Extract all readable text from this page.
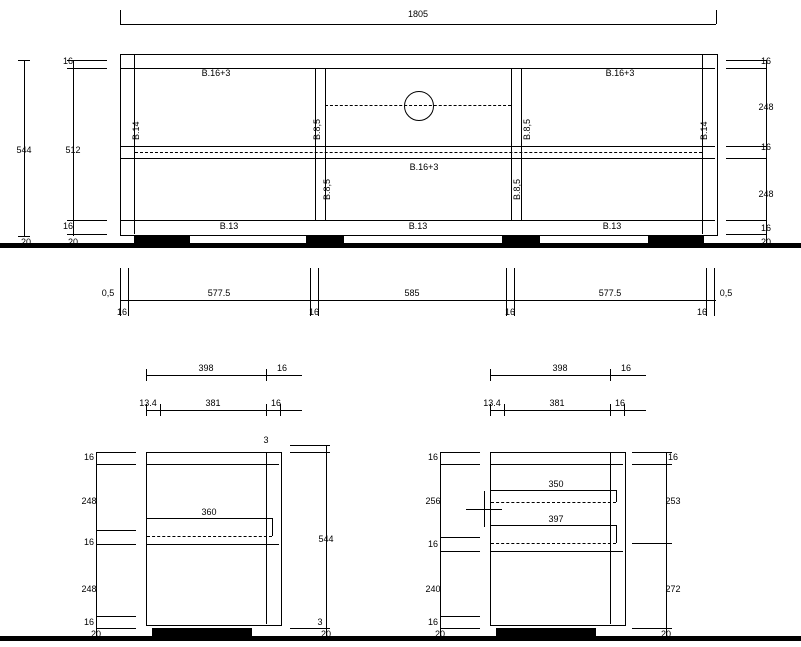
1805
B.16+3	B.16+3
B.16+3
B.13	B.13	B.13
B.14	B.14
B.8,5	B.8,5
B.8,5	B.8,5
544	512
16
16
20	20
16
248
16
248
16
20
0,5	577.5	585	577.5	0,5
16	16	16	16
398	16
13.4	381	16
360
16
248
16
248
16
20
3
544
3
20
398	16
13.4	381	16
350
397
16
256
16
240
16
20
16
253
272
20
